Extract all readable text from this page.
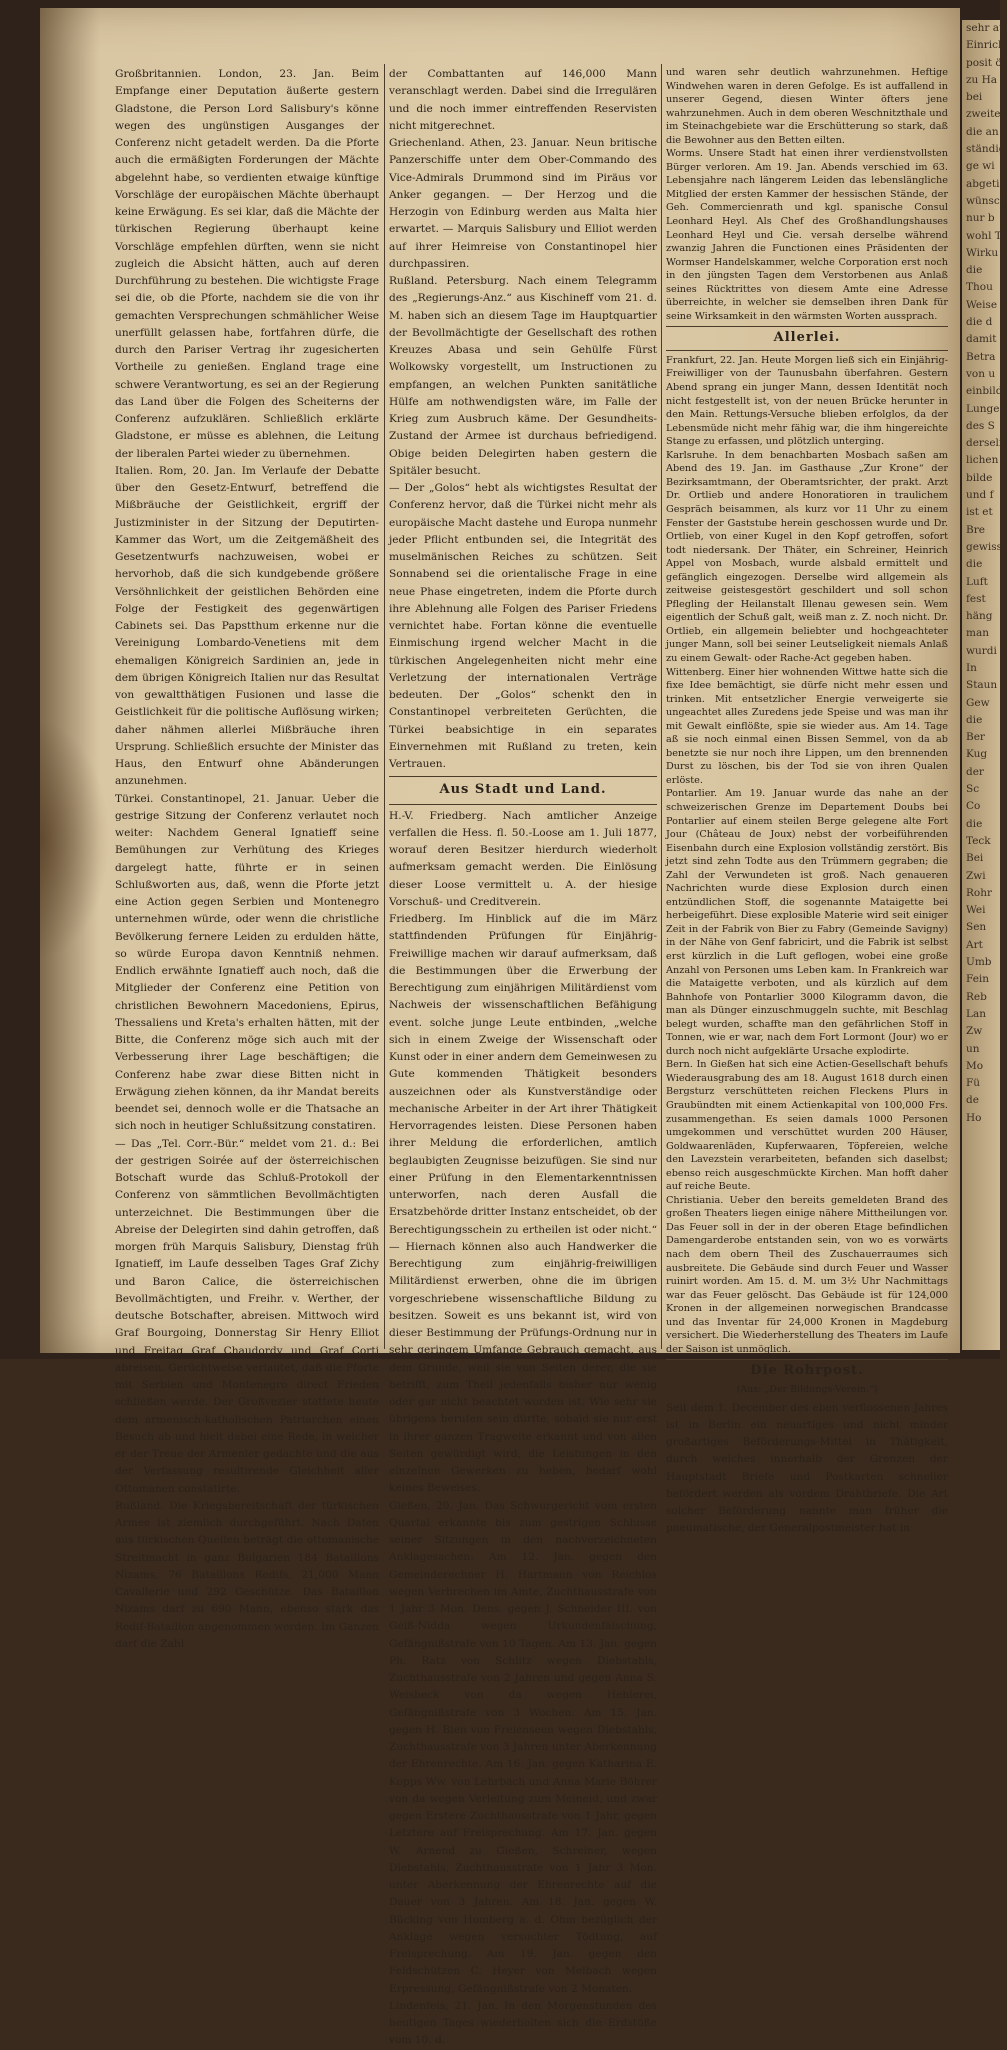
Großbritannien. London, 23. Jan. Beim Empfange einer Deputation äußerte gestern Gladstone, die Person Lord Salisbury's könne wegen des ungünstigen Ausganges der Conferenz nicht getadelt werden. Da die Pforte auch die ermäßigten Forderungen der Mächte abgelehnt habe, so verdienten etwaige künftige Vorschläge der europäischen Mächte überhaupt keine Erwägung. Es sei klar, daß die Mächte der türkischen Regierung überhaupt keine Vorschläge empfehlen dürften, wenn sie nicht zugleich die Absicht hätten, auch auf deren Durchführung zu bestehen. Die wichtigste Frage sei die, ob die Pforte, nachdem sie die von ihr gemachten Versprechungen schmählicher Weise unerfüllt gelassen habe, fortfahren dürfe, die durch den Pariser Vertrag ihr zugesicherten Vortheile zu genießen. England trage eine schwere Verantwortung, es sei an der Regierung das Land über die Folgen des Scheiterns der Conferenz aufzuklären. Schließlich erklärte Gladstone, er müsse es ablehnen, die Leitung der liberalen Partei wieder zu übernehmen.

Italien. Rom, 20. Jan. Im Verlaufe der Debatte über den Gesetz-Entwurf, betreffend die Mißbräuche der Geistlichkeit, ergriff der Justizminister in der Sitzung der Deputirten-Kammer das Wort, um die Zeitgemäßheit des Gesetzentwurfs nachzuweisen, wobei er hervorhob, daß die sich kundgebende größere Versöhnlichkeit der geistlichen Behörden eine Folge der Festigkeit des gegenwärtigen Cabinets sei. Das Papstthum erkenne nur die Vereinigung Lombardo-Venetiens mit dem ehemaligen Königreich Sardinien an, jede in dem übrigen Königreich Italien nur das Resultat von gewaltthätigen Fusionen und lasse die Geistlichkeit für die politische Auflösung wirken; daher nähmen allerlei Mißbräuche ihren Ursprung. Schließlich ersuchte der Minister das Haus, den Entwurf ohne Abänderungen anzunehmen.

Türkei. Constantinopel, 21. Januar. Ueber die gestrige Sitzung der Conferenz verlautet noch weiter: Nachdem General Ignatieff seine Bemühungen zur Verhütung des Krieges dargelegt hatte, führte er in seinen Schlußworten aus, daß, wenn die Pforte jetzt eine Action gegen Serbien und Montenegro unternehmen würde, oder wenn die christliche Bevölkerung fernere Leiden zu erdulden hätte, so würde Europa davon Kenntniß nehmen. Endlich erwähnte Ignatieff auch noch, daß die Mitglieder der Conferenz eine Petition von christlichen Bewohnern Macedoniens, Epirus, Thessaliens und Kreta's erhalten hätten, mit der Bitte, die Conferenz möge sich auch mit der Verbesserung ihrer Lage beschäftigen; die Conferenz habe zwar diese Bitten nicht in Erwägung ziehen können, da ihr Mandat bereits beendet sei, dennoch wolle er die Thatsache an sich noch in heutiger Schlußsitzung constatiren.

— Das „Tel. Corr.-Bür.“ meldet vom 21. d.: Bei der gestrigen Soirée auf der österreichischen Botschaft wurde das Schluß-Protokoll der Conferenz von sämmtlichen Bevollmächtigten unterzeichnet. Die Bestimmungen über die Abreise der Delegirten sind dahin getroffen, daß morgen früh Marquis Salisbury, Dienstag früh Ignatieff, im Laufe desselben Tages Graf Zichy und Baron Calice, die österreichischen Bevollmächtigten, und Freihr. v. Werther, der deutsche Botschafter, abreisen. Mittwoch wird Graf Bourgoing, Donnerstag Sir Henry Elliot und Freitag Graf Chaudordy und Graf Corti abreisen. Gerüchtweise verlautet, daß die Pforte mit Serbien und Montenegro direct Frieden schließen werde. Der Großvezier stattete heute dem armenisch-katholischen Patriarchen einen Besuch ab und hielt dabei eine Rede, in welcher er der Treue der Armenier gedachte und die aus der Verfassung resultirende Gleichheit aller Ottomanen constatirte.

Rußland. Die Kriegsbereitschaft der türkischen Armee ist ziemlich durchgeführt. Nach Daten aus türkischen Quellen beträgt die ottomanische Streitmacht in ganz Bulgarien 184 Bataillons Nizams, 76 Bataillons Redifs, 21,000 Mann Cavallerie und 292 Geschütze. Das Bataillon Nizams darf zu 690 Mann, ebenso stark das Redif-Bataillon angenommen werden. Im Ganzen darf die Zahl

der Combattanten auf 146,000 Mann veranschlagt werden. Dabei sind die Irregulären und die noch immer eintreffenden Reservisten nicht mitgerechnet.

Griechenland. Athen, 23. Januar. Neun britische Panzerschiffe unter dem Ober-Commando des Vice-Admirals Drummond sind im Piräus vor Anker gegangen. — Der Herzog und die Herzogin von Edinburg werden aus Malta hier erwartet. — Marquis Salisbury und Elliot werden auf ihrer Heimreise von Constantinopel hier durchpassiren.

Rußland. Petersburg. Nach einem Telegramm des „Regierungs-Anz.“ aus Kischineff vom 21. d. M. haben sich an diesem Tage im Hauptquartier der Bevollmächtigte der Gesellschaft des rothen Kreuzes Abasa und sein Gehülfe Fürst Wolkowsky vorgestellt, um Instructionen zu empfangen, an welchen Punkten sanitätliche Hülfe am nothwendigsten wäre, im Falle der Krieg zum Ausbruch käme. Der Gesundheits-Zustand der Armee ist durchaus befriedigend. Obige beiden Delegirten haben gestern die Spitäler besucht.

— Der „Golos“ hebt als wichtigstes Resultat der Conferenz hervor, daß die Türkei nicht mehr als europäische Macht dastehe und Europa nunmehr jeder Pflicht entbunden sei, die Integrität des muselmänischen Reiches zu schützen. Seit Sonnabend sei die orientalische Frage in eine neue Phase eingetreten, indem die Pforte durch ihre Ablehnung alle Folgen des Pariser Friedens vernichtet habe. Fortan könne die eventuelle Einmischung irgend welcher Macht in die türkischen Angelegenheiten nicht mehr eine Verletzung der internationalen Verträge bedeuten. Der „Golos“ schenkt den in Constantinopel verbreiteten Gerüchten, die Türkei beabsichtige in ein separates Einvernehmen mit Rußland zu treten, kein Vertrauen.

Aus Stadt und Land.

H.-V. Friedberg. Nach amtlicher Anzeige verfallen die Hess. fl. 50.-Loose am 1. Juli 1877, worauf deren Besitzer hierdurch wiederholt aufmerksam gemacht werden. Die Einlösung dieser Loose vermittelt u. A. der hiesige Vorschuß- und Creditverein.

Friedberg. Im Hinblick auf die im März stattfindenden Prüfungen für Einjährig-Freiwillige machen wir darauf aufmerksam, daß die Bestimmungen über die Erwerbung der Berechtigung zum einjährigen Militärdienst vom Nachweis der wissenschaftlichen Befähigung event. solche junge Leute entbinden, „welche sich in einem Zweige der Wissenschaft oder Kunst oder in einer andern dem Gemeinwesen zu Gute kommenden Thätigkeit besonders auszeichnen oder als Kunstverständige oder mechanische Arbeiter in der Art ihrer Thätigkeit Hervorragendes leisten. Diese Personen haben ihrer Meldung die erforderlichen, amtlich beglaubigten Zeugnisse beizufügen. Sie sind nur einer Prüfung in den Elementarkenntnissen unterworfen, nach deren Ausfall die Ersatzbehörde dritter Instanz entscheidet, ob der Berechtigungsschein zu ertheilen ist oder nicht.“ — Hiernach können also auch Handwerker die Berechtigung zum einjährig-freiwilligen Militärdienst erwerben, ohne die im übrigen vorgeschriebene wissenschaftliche Bildung zu besitzen. Soweit es uns bekannt ist, wird von dieser Bestimmung der Prüfungs-Ordnung nur in sehr geringem Umfange Gebrauch gemacht, aus dem Grunde, weil sie von Seiten derer, die sie betrifft, zum Theil jedenfalls bisher nur wenig oder gar nicht beachtet worden ist. Wie sehr sie übrigens berufen sein dürfte, sobald sie nur erst in ihrer ganzen Tragweite erkannt und von allen Seiten gewürdigt wird, die Leistungen in den einzelnen Gewerken zu heben, bedarf wohl keines Beweises.

Gießen, 20. Jan. Das Schwurgericht vom ersten Quartal erkannte bis zum gestrigen Schlusse seiner Sitzungen in den nachverzeichneten Anklagesachen: Am 12. Jan. gegen den Gemeinderechner H. Hartmann von Reichlos wegen Verbrechen im Amte, Zuchthausstrafe von 1 Jahr 3 Mon. Dens. gegen J. Schneider III. von Geiß-Nidda wegen Urkundenfälschung, Gefängnißstrafe von 10 Tagen. Am 13. Jan. gegen Ph. Ratz von Schlitz wegen Diebstahls, Zuchthausstrafe von 2 Jahren und gegen Anna S. Weisbeck von da wegen Hehlerei, Gefängnißstrafe von 3 Wochen. Am 15. Jan. gegen H. Bien von Freienseen wegen Diebstahls, Zuchthausstrafe von 3 Jahren unter Aberkennung der Ehrenrechte. Am 16. Jan. gegen Katharina E. Kopps Ww. von Lehrbach und Anna Marie Böhrer von da wegen Verleitung zum Meineid, und zwar gegen Erstere Zuchthausstrafe von 1 Jahr, gegen Letztere auf Freisprechung. Am 17. Jan. gegen W. Arnend zu Gießen, Schreiner, wegen Diebstahls, Zuchthausstrafe von 1 Jahr 3 Mon. unter Aberkennung der Ehrenrechte auf die Dauer von 3 Jahren. Am 18. Jan. gegen W. Bücking von Homberg a. d. Ohm bezüglich der Anklage wegen versuchter Tödtung, auf Freisprechung. Am 19. Jan. gegen den Feldschützen C. Heyer von Melbach wegen Erpressung, Gefängnißstrafe von 2 Monaten.

Lindenfels, 21. Jan. In den Morgenstunden des heutigen Tages wiederholten sich die Erdstöße vom 10. d.

und waren sehr deutlich wahrzunehmen. Heftige Windwehen waren in deren Gefolge. Es ist auffallend in unserer Gegend, diesen Winter öfters jene wahrzunehmen. Auch in dem oberen Weschnitzthale und im Steinachgebiete war die Erschütterung so stark, daß die Bewohner aus den Betten eilten.

Worms. Unsere Stadt hat einen ihrer verdienstvollsten Bürger verloren. Am 19. Jan. Abends verschied im 63. Lebensjahre nach längerem Leiden das lebenslängliche Mitglied der ersten Kammer der hessischen Stände, der Geh. Commercienrath und kgl. spanische Consul Leonhard Heyl. Als Chef des Großhandlungshauses Leonhard Heyl und Cie. versah derselbe während zwanzig Jahren die Functionen eines Präsidenten der Wormser Handelskammer, welche Corporation erst noch in den jüngsten Tagen dem Verstorbenen aus Anlaß seines Rücktrittes von diesem Amte eine Adresse überreichte, in welcher sie demselben ihren Dank für seine Wirksamkeit in den wärmsten Worten aussprach.

Allerlei.

Frankfurt, 22. Jan. Heute Morgen ließ sich ein Einjährig-Freiwilliger von der Taunusbahn überfahren. Gestern Abend sprang ein junger Mann, dessen Identität noch nicht festgestellt ist, von der neuen Brücke herunter in den Main. Rettungs-Versuche blieben erfolglos, da der Lebensmüde nicht mehr fähig war, die ihm hingereichte Stange zu erfassen, und plötzlich unterging.

Karlsruhe. In dem benachbarten Mosbach saßen am Abend des 19. Jan. im Gasthause „Zur Krone“ der Bezirksamtmann, der Oberamtsrichter, der prakt. Arzt Dr. Ortlieb und andere Honoratioren in traulichem Gespräch beisammen, als kurz vor 11 Uhr zu einem Fenster der Gaststube herein geschossen wurde und Dr. Ortlieb, von einer Kugel in den Kopf getroffen, sofort todt niedersank. Der Thäter, ein Schreiner, Heinrich Appel von Mosbach, wurde alsbald ermittelt und gefänglich eingezogen. Derselbe wird allgemein als zeitweise geistesgestört geschildert und soll schon Pflegling der Heilanstalt Illenau gewesen sein. Wem eigentlich der Schuß galt, weiß man z. Z. noch nicht. Dr. Ortlieb, ein allgemein beliebter und hochgeachteter junger Mann, soll bei seiner Leutseligkeit niemals Anlaß zu einem Gewalt- oder Rache-Act gegeben haben.

Wittenberg. Einer hier wohnenden Wittwe hatte sich die fixe Idee bemächtigt, sie dürfe nicht mehr essen und trinken. Mit entsetzlicher Energie verweigerte sie ungeachtet alles Zuredens jede Speise und was man ihr mit Gewalt einflößte, spie sie wieder aus. Am 14. Tage aß sie noch einmal einen Bissen Semmel, von da ab benetzte sie nur noch ihre Lippen, um den brennenden Durst zu löschen, bis der Tod sie von ihren Qualen erlöste.

Pontarlier. Am 19. Januar wurde das nahe an der schweizerischen Grenze im Departement Doubs bei Pontarlier auf einem steilen Berge gelegene alte Fort Jour (Château de Joux) nebst der vorbeiführenden Eisenbahn durch eine Explosion vollständig zerstört. Bis jetzt sind zehn Todte aus den Trümmern gegraben; die Zahl der Verwundeten ist groß. Nach genaueren Nachrichten wurde diese Explosion durch einen entzündlichen Stoff, die sogenannte Mataigette bei herbeigeführt. Diese explosible Materie wird seit einiger Zeit in der Fabrik von Bier zu Fabry (Gemeinde Savigny) in der Nähe von Genf fabricirt, und die Fabrik ist selbst erst kürzlich in die Luft geflogen, wobei eine große Anzahl von Personen ums Leben kam. In Frankreich war die Mataigette verboten, und als kürzlich auf dem Bahnhofe von Pontarlier 3000 Kilogramm davon, die man als Dünger einzuschmuggeln suchte, mit Beschlag belegt wurden, schaffte man den gefährlichen Stoff in Tonnen, wie er war, nach dem Fort Lormont (Jour) wo er durch noch nicht aufgeklärte Ursache explodirte.

Bern. In Gießen hat sich eine Actien-Gesellschaft behufs Wiederausgrabung des am 18. August 1618 durch einen Bergsturz verschütteten reichen Fleckens Plurs in Graubündten mit einem Actienkapital von 100,000 Frs. zusammengethan. Es seien damals 1000 Personen umgekommen und verschüttet wurden 200 Häuser, Goldwaarenläden, Kupferwaaren, Töpfereien, welche den Lavezstein verarbeiteten, befanden sich daselbst; ebenso reich ausgeschmückte Kirchen. Man hofft daher auf reiche Beute.

Christiania. Ueber den bereits gemeldeten Brand des großen Theaters liegen einige nähere Mittheilungen vor. Das Feuer soll in der in der oberen Etage befindlichen Damengarderobe entstanden sein, von wo es vorwärts nach dem obern Theil des Zuschauerraumes sich ausbreitete. Die Gebäude sind durch Feuer und Wasser ruinirt worden. Am 15. d. M. um 3½ Uhr Nachmittags war das Feuer gelöscht. Das Gebäude ist für 124,000 Kronen in der allgemeinen norwegischen Brandcasse und das Inventar für 24,000 Kronen in Magdeburg versichert. Die Wiederherstellung des Theaters im Laufe der Saison ist unmöglich.

Die Rohrpost.
(Aus: „Der Bildungs-Verein.“)

Seit dem 1. December des eben verflossenen Jahres ist in Berlin ein neuartiges und nicht minder großartiges Beförderungs-Mittel in Thätigkeit, durch welches innerhalb der Grenzen der Hauptstadt Briefe und Postkarten schneller befördert werden als vordem Drahtbriefe. Die Art solcher Beförderung nannte man früher die pneumatische, der Generalpostmeister hat in

sehr au
Einrich
posit ö
zu Ha
bei
zweite
die an
ständig
ge wi
abgeti
wünsch
nur b
wohl T
Wirku
die
Thou
Weise
die d
damit
Betra
von u
einbild
Lunge
des S
derseli
lichen
bilde
und f
ist et
Bre
gewiss
die
Luft
fest
häng
man
wurdi
In
Staun
Gew
die
Ber
Kug
der
Sc
Co
die
Teck
Bei
Zwi
Rohr
Wei
Sen
Art
Umb
Fein
Reb
Lan
Zw
un
Mo
Fü
de
Ho
